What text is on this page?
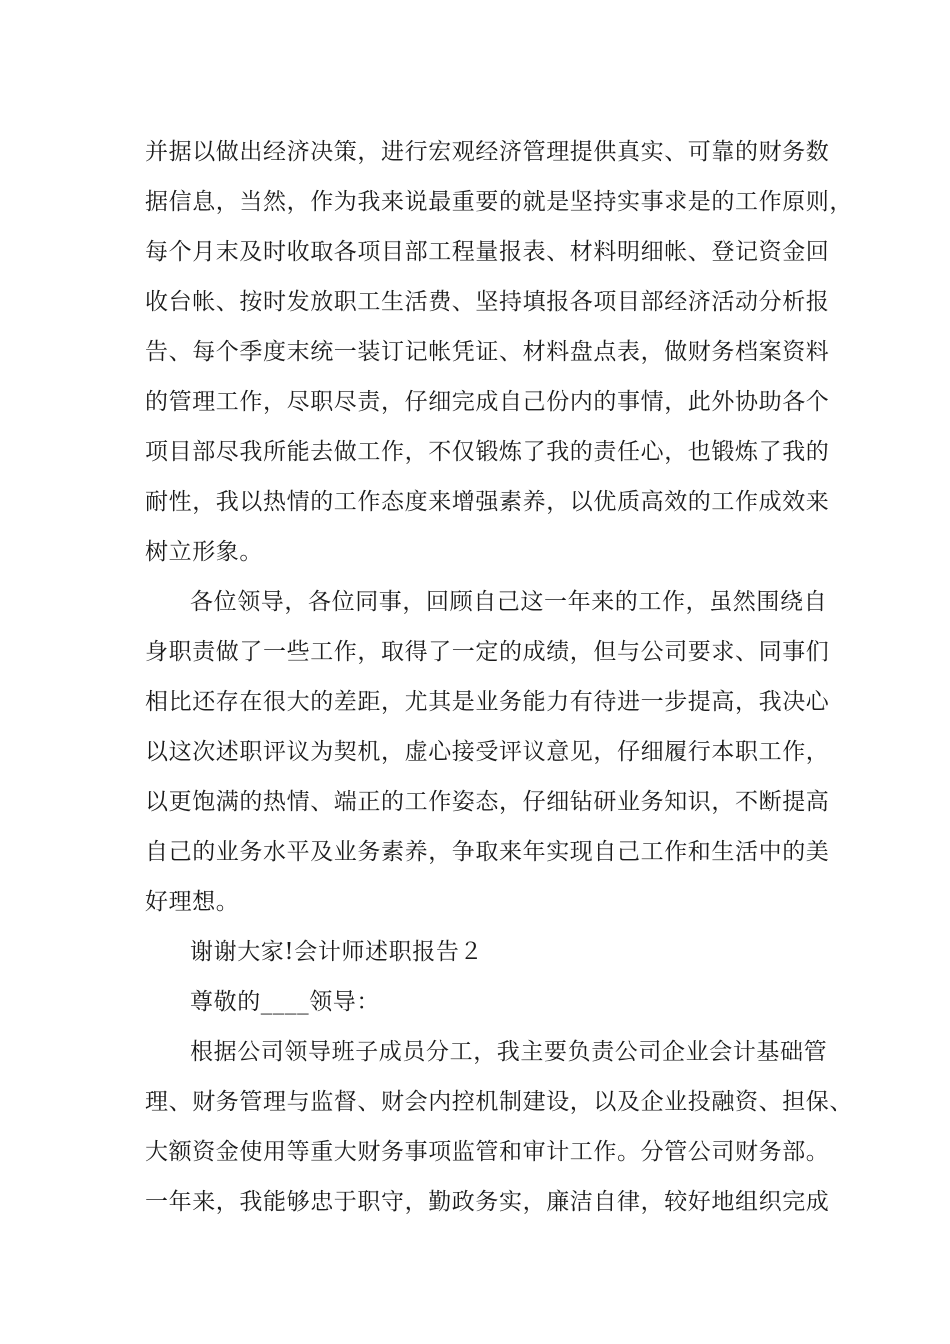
并据以做出经济决策，进行宏观经济管理提供真实、可靠的财务数
据信息，当然，作为我来说最重要的就是坚持实事求是的工作原则，
每个月末及时收取各项目部工程量报表、材料明细帐、登记资金回
收台帐、按时发放职工生活费、坚持填报各项目部经济活动分析报
告、每个季度末统一装订记帐凭证、材料盘点表，做财务档案资料
的管理工作，尽职尽责，仔细完成自己份内的事情，此外协助各个
项目部尽我所能去做工作，不仅锻炼了我的责任心，也锻炼了我的
耐性，我以热情的工作态度来增强素养，以优质高效的工作成效来
树立形象。
各位领导，各位同事，回顾自己这一年来的工作，虽然围绕自
身职责做了一些工作，取得了一定的成绩，但与公司要求、同事们
相比还存在很大的差距，尤其是业务能力有待进一步提高，我决心
以这次述职评议为契机，虚心接受评议意见，仔细履行本职工作，
以更饱满的热情、端正的工作姿态，仔细钻研业务知识，不断提高
自己的业务水平及业务素养，争取来年实现自己工作和生活中的美
好理想。
谢谢大家!会计师述职报告２
尊敬的____领导：
根据公司领导班子成员分工，我主要负责公司企业会计基础管
理、财务管理与监督、财会内控机制建设，以及企业投融资、担保、
大额资金使用等重大财务事项监管和审计工作。分管公司财务部。
一年来，我能够忠于职守，勤政务实，廉洁自律，较好地组织完成
